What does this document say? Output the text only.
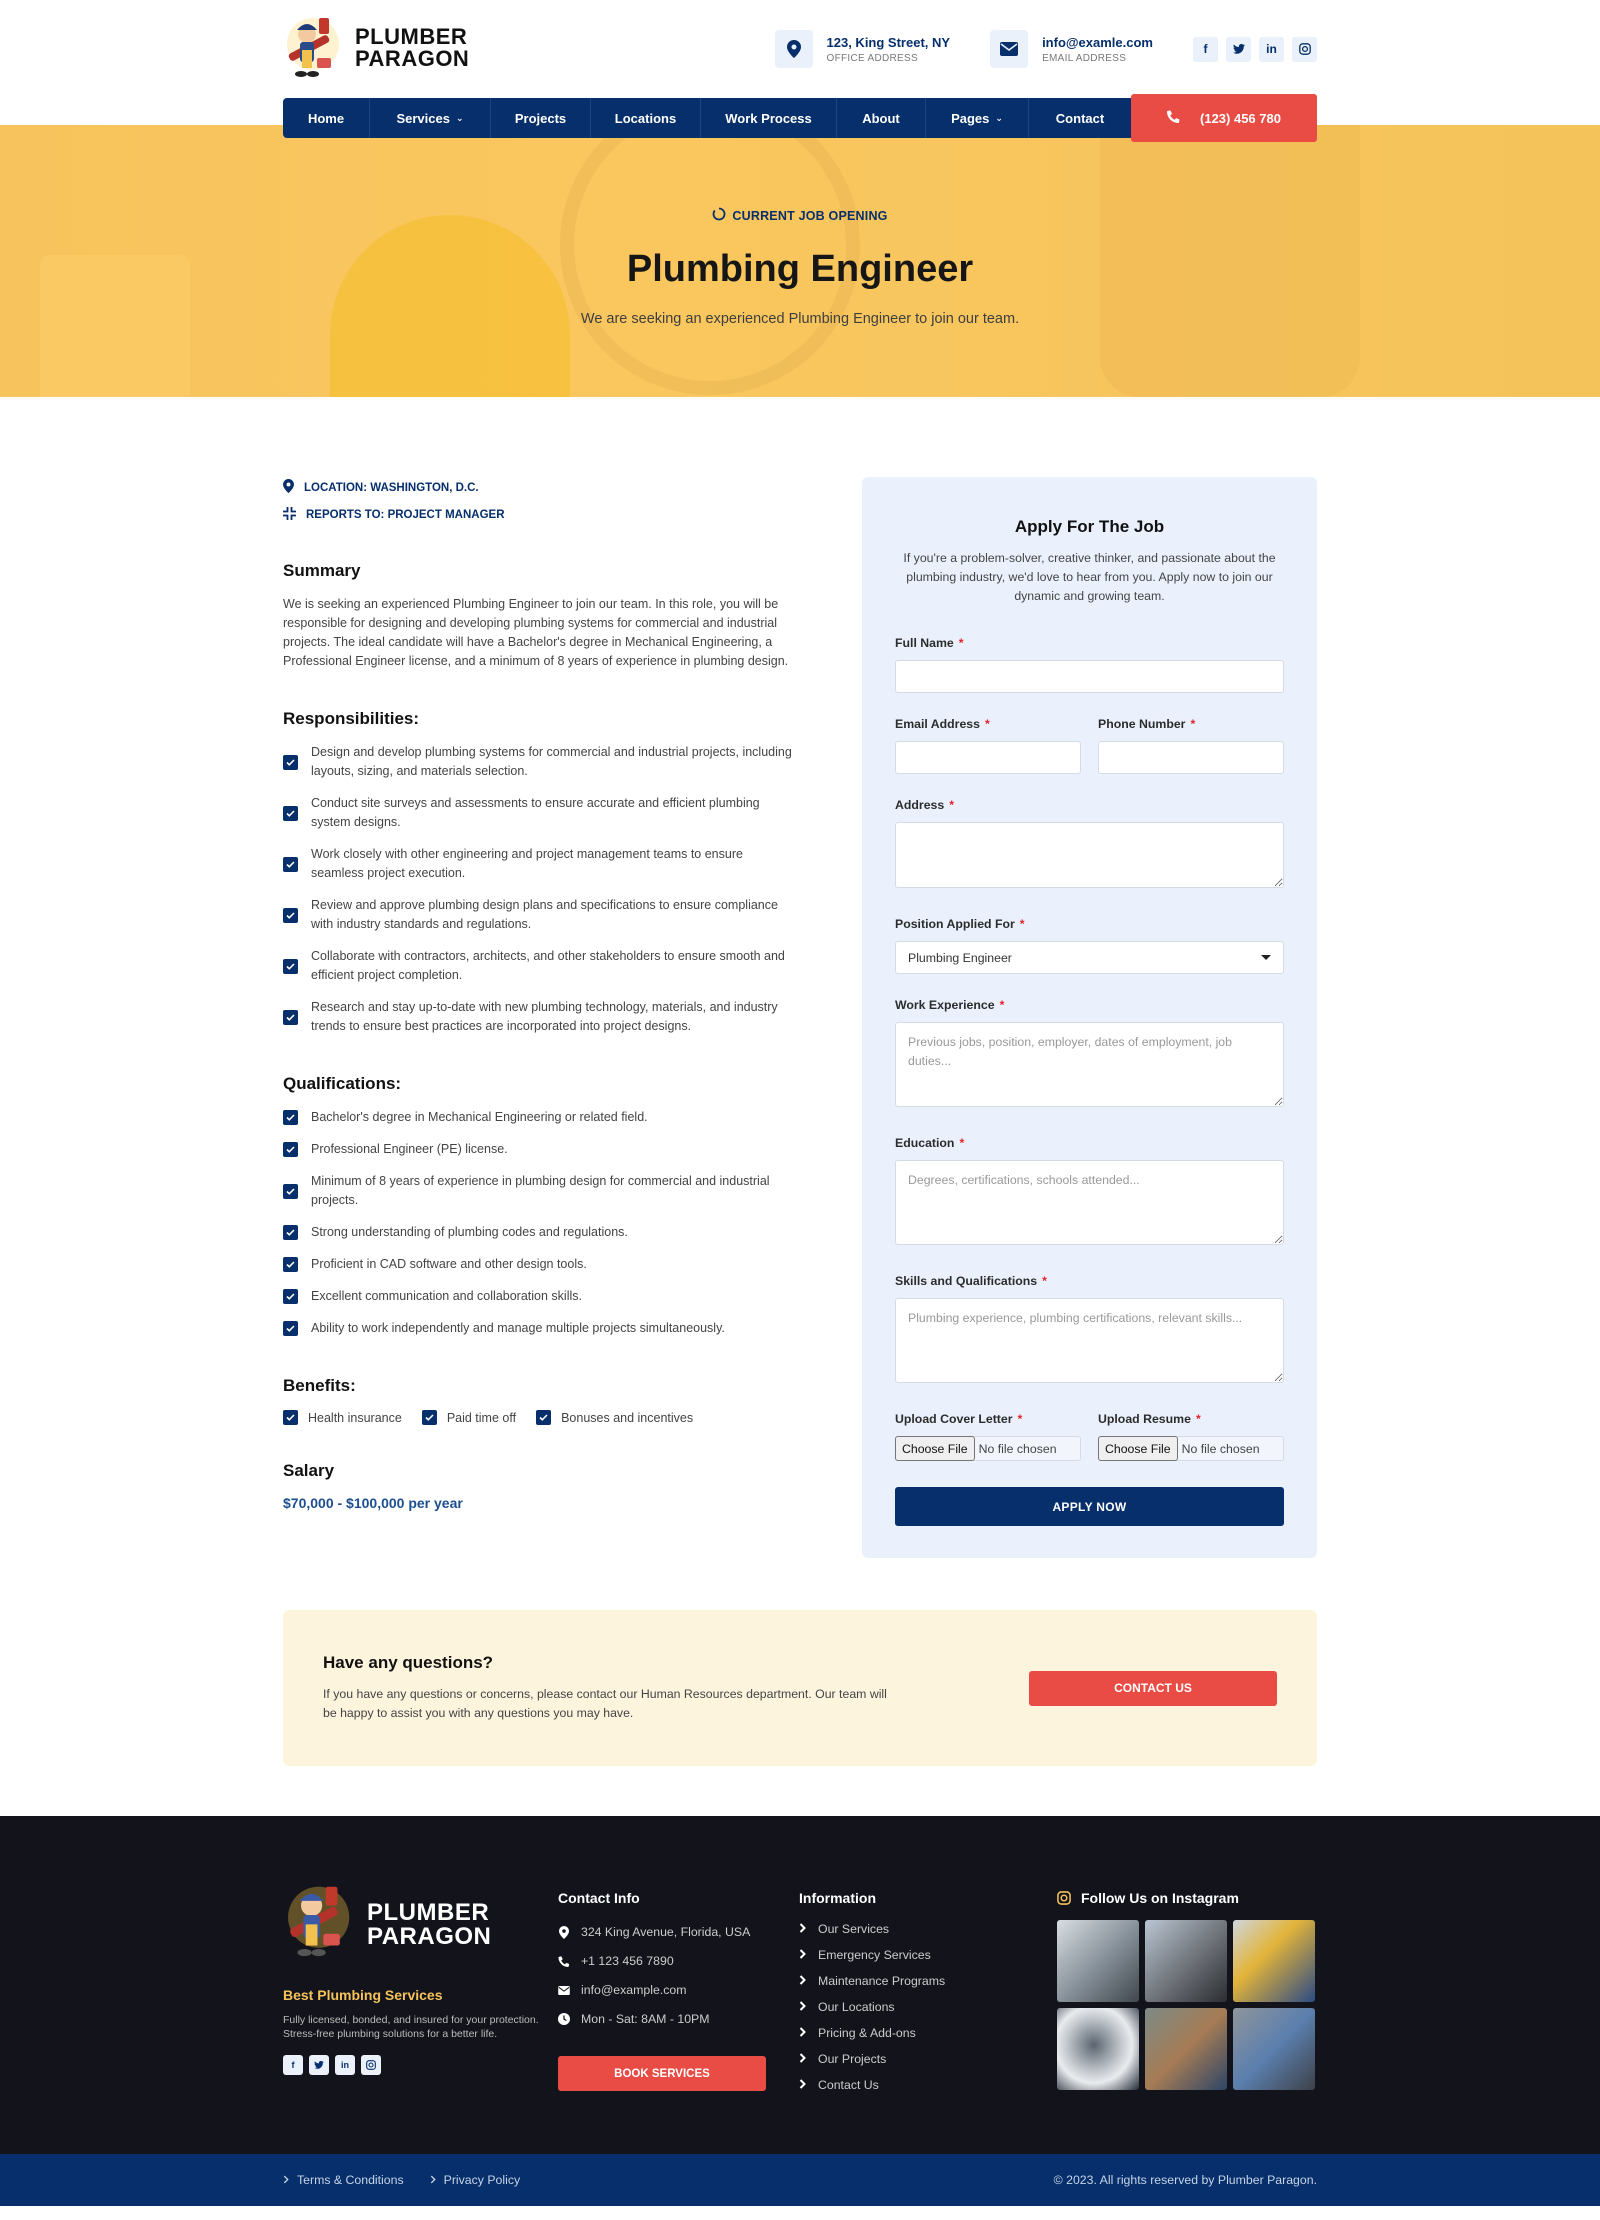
PLUMBER
PARAGON
123, King Street, NY
OFFICE ADDRESS
info@examle.com
EMAIL ADDRESS
f	in
Home	Services ⌄	Projects	Locations	Work Process	About	Pages ⌄	Contact	(123) 456 780
CURRENT JOB OPENING
Plumbing Engineer

We are seeking an experienced Plumbing Engineer to join our team.

LOCATION: WASHINGTON, D.C.
REPORTS TO: PROJECT MANAGER
Summary

We is seeking an experienced Plumbing Engineer to join our team. In this role, you will be responsible for designing and developing plumbing systems for commercial and industrial projects. The ideal candidate will have a Bachelor's degree in Mechanical Engineering, a Professional Engineer license, and a minimum of 8 years of experience in plumbing design.

Responsibilities:
Design and develop plumbing systems for commercial and industrial projects, including layouts, sizing, and materials selection.
Conduct site surveys and assessments to ensure accurate and efficient plumbing system designs.
Work closely with other engineering and project management teams to ensure seamless project execution.
Review and approve plumbing design plans and specifications to ensure compliance with industry standards and regulations.
Collaborate with contractors, architects, and other stakeholders to ensure smooth and efficient project completion.
Research and stay up-to-date with new plumbing technology, materials, and industry trends to ensure best practices are incorporated into project designs.
Qualifications:
Bachelor's degree in Mechanical Engineering or related field.
Professional Engineer (PE) license.
Minimum of 8 years of experience in plumbing design for commercial and industrial projects.
Strong understanding of plumbing codes and regulations.
Proficient in CAD software and other design tools.
Excellent communication and collaboration skills.
Ability to work independently and manage multiple projects simultaneously.
Benefits:
Health insurance	Paid time off	Bonuses and incentives
Salary
$70,000 - $100,000 per year
Apply For The Job

If you're a problem-solver, creative thinker, and passionate about the plumbing industry, we'd love to hear from you. Apply now to join our dynamic and growing team.

Full Name *
Email Address *	Phone Number *
Address *
Position Applied For *
Plumbing Engineer
Work Experience *
Previous jobs, position, employer, dates of employment, job duties...
Education *
Degrees, certifications, schools attended...
Skills and Qualifications *
Plumbing experience, plumbing certifications, relevant skills...
Upload Cover Letter *
Choose File No file chosen
Upload Resume *
Choose File No file chosen
APPLY NOW
Have any questions?

If you have any questions or concerns, please contact our Human Resources department. Our team will be happy to assist you with any questions you may have.

CONTACT US
PLUMBER
PARAGON
Best Plumbing Services

Fully licensed, bonded, and insured for your protection. Stress-free plumbing solutions for a better life.

f	in
Contact Info
324 King Avenue, Florida, USA
+1 123 456 7890
info@example.com
Mon - Sat: 8AM - 10PM
BOOK SERVICES
Information
Our Services
Emergency Services
Maintenance Programs
Our Locations
Pricing & Add-ons
Our Projects
Contact Us
Follow Us on Instagram
Terms & Conditions	Privacy Policy	© 2023. All rights reserved by Plumber Paragon.
